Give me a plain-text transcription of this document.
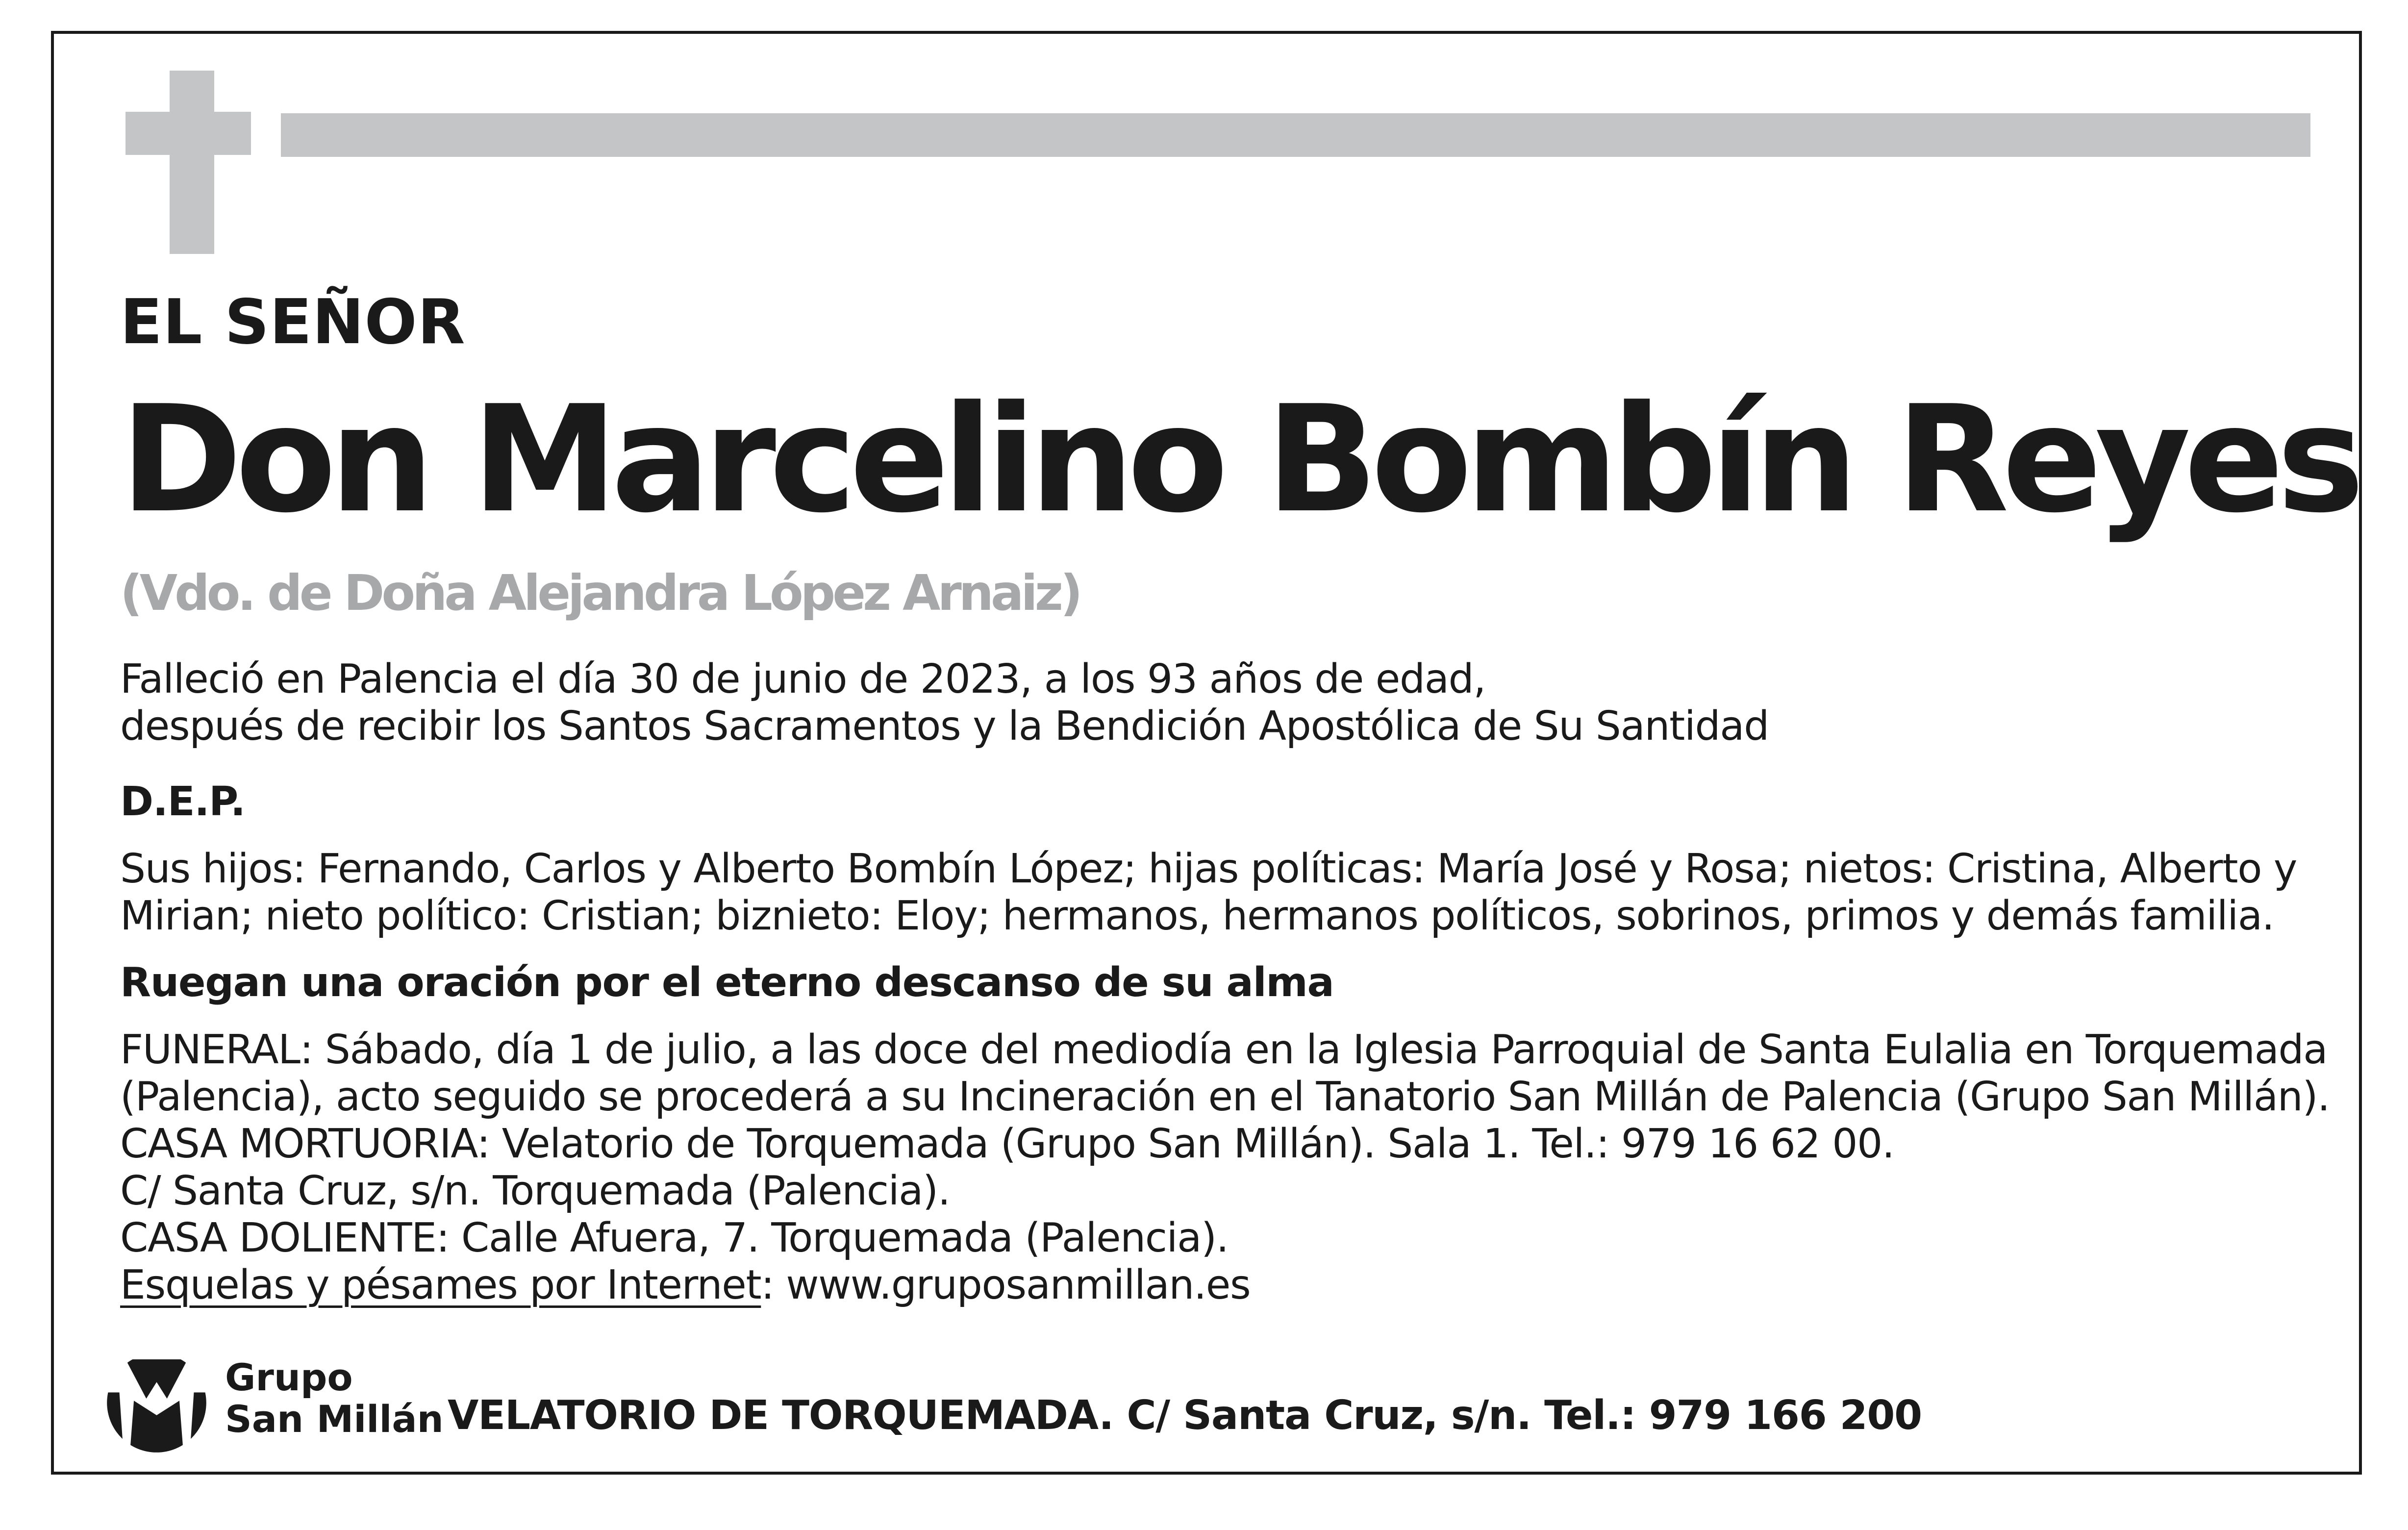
EL SEÑOR
Don Marcelino Bombín Reyes
(Vdo. de Doña Alejandra López Arnaiz)
Falleció en Palencia el día 30 de junio de 2023, a los 93 años de edad,
después de recibir los Santos Sacramentos y la Bendición Apostólica de Su Santidad
D.E.P.
Sus hijos: Fernando, Carlos y Alberto Bombín López; hijas políticas: María José y Rosa; nietos: Cristina, Alberto y
Mirian; nieto político: Cristian; biznieto: Eloy; hermanos, hermanos políticos, sobrinos, primos y demás familia.
Ruegan una oración por el eterno descanso de su alma
FUNERAL: Sábado, día 1 de julio, a las doce del mediodía en la Iglesia Parroquial de Santa Eulalia en Torquemada
(Palencia), acto seguido se procederá a su Incineración en el Tanatorio San Millán de Palencia (Grupo San Millán).
CASA MORTUORIA: Velatorio de Torquemada (Grupo San Millán). Sala 1. Tel.: 979 16 62 00.
C/ Santa Cruz, s/n. Torquemada (Palencia).
CASA DOLIENTE: Calle Afuera, 7. Torquemada (Palencia).
Esquelas y pésames por Internet: www.gruposanmillan.es
Grupo
San Millán VELATORIO DE TORQUEMADA. C/ Santa Cruz, s/n. Tel.: 979 166 200
